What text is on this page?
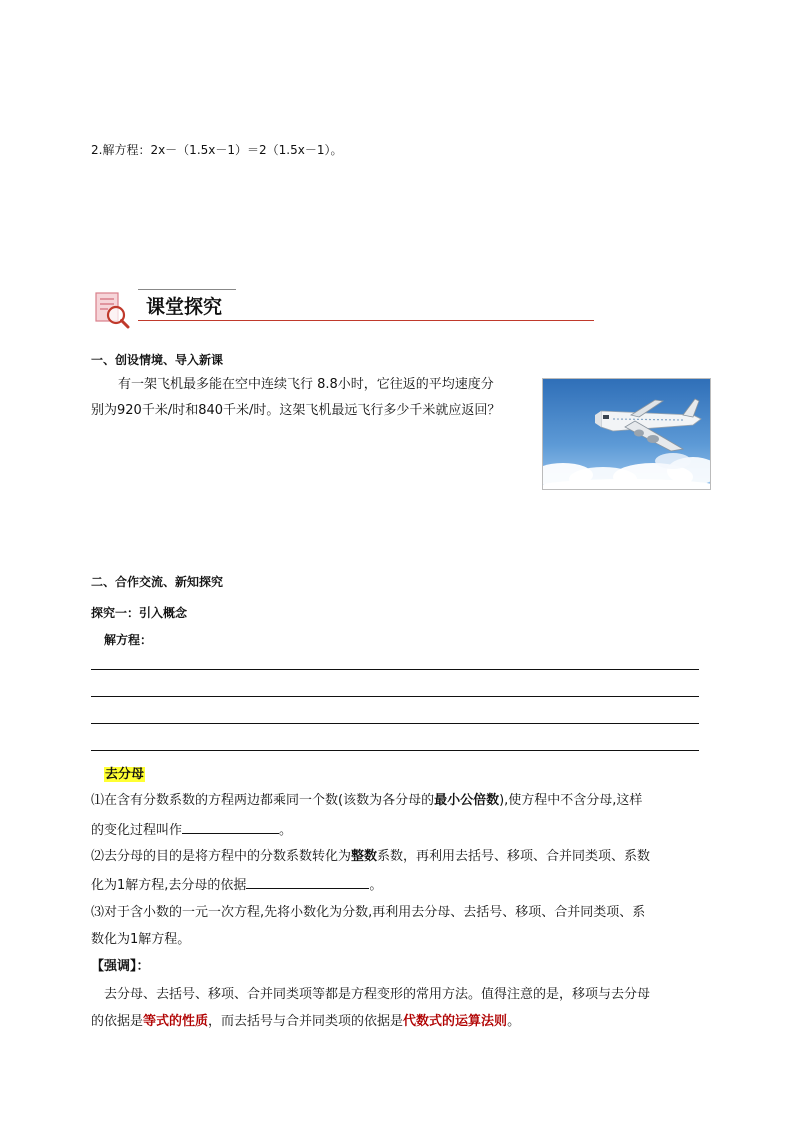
2.解方程：2x－（1.5x－1）＝2（1.5x－1）。
课堂探究
一、创设情境、导入新课
有一架飞机最多能在空中连续飞行 8.8小时，它往返的平均速度分
别为920千米/时和840千米/时。这架飞机最远飞行多少千米就应返回？
二、合作交流、新知探究
探究一：引入概念
解方程：
去分母
⑴在含有分数系数的方程两边都乘同一个数(该数为各分母的最小公倍数),使方程中不含分母,这样
的变化过程叫作	。
⑵去分母的目的是将方程中的分数系数转化为整数系数，再利用去括号、移项、合并同类项、系数
化为1解方程,去分母的依据	。
⑶对于含小数的一元一次方程,先将小数化为分数,再利用去分母、去括号、移项、合并同类项、系
数化为1解方程。
【强调】：
去分母、去括号、移项、合并同类项等都是方程变形的常用方法。值得注意的是，移项与去分母
的依据是等式的性质，而去括号与合并同类项的依据是代数式的运算法则。
